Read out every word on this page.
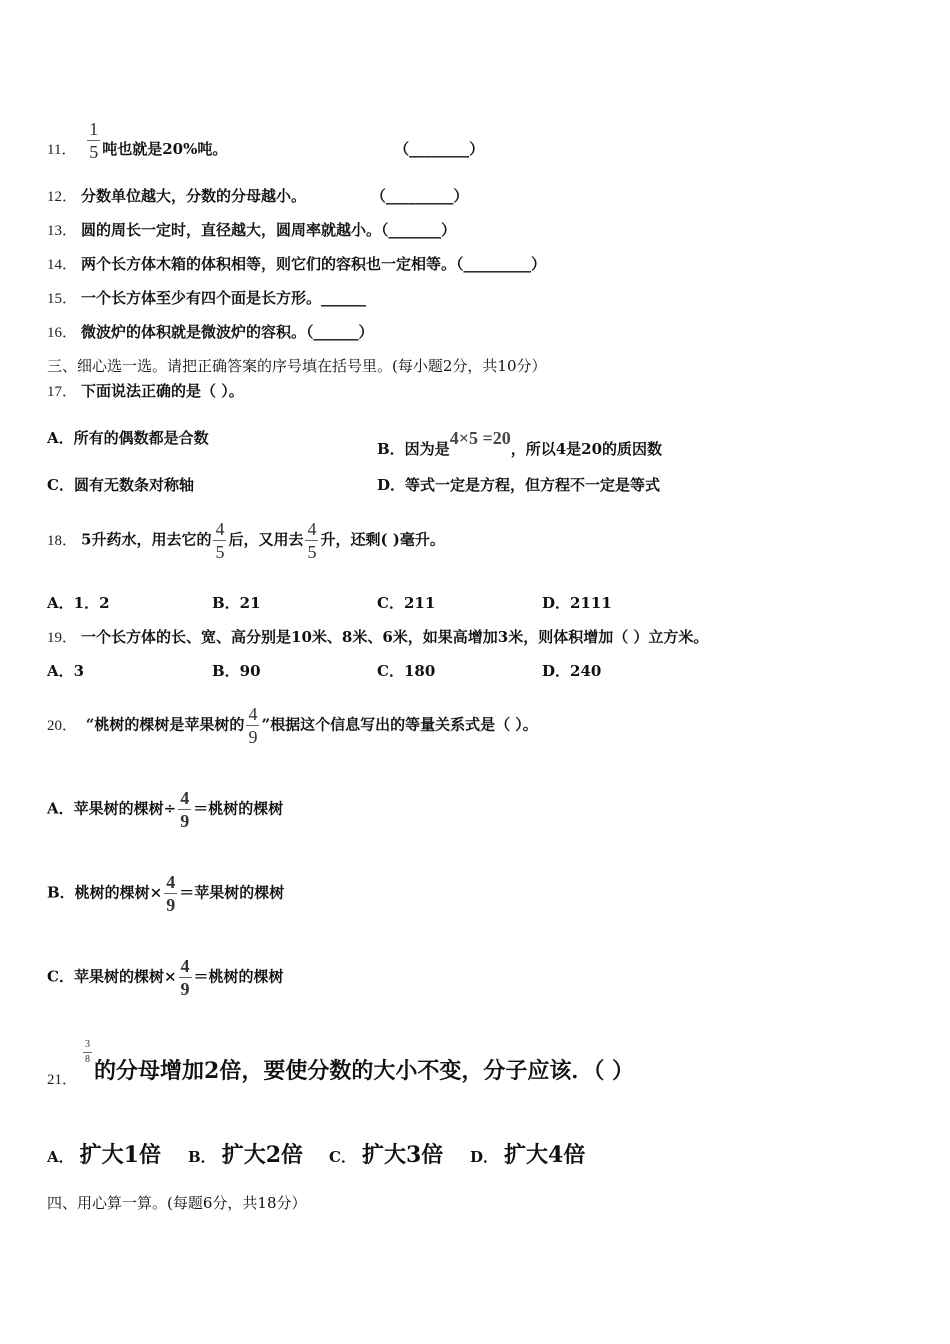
11． $\frac{1}{5}$ 吨也就是20%吨。	（________）
12． 分数单位越大，分数的分母越小。	（_________）
13． 圆的周长一定时，直径越大，圆周率就越小。（_______）
14． 两个长方体木箱的体积相等，则它们的容积也一定相等。（_________）
15． 一个长方体至少有四个面是长方形。______
16． 微波炉的体积就是微波炉的容积。（______）
三、细心选一选。请把正确答案的序号填在括号里。(每小题2分，共10分）
17． 下面说法正确的是（ ）。
A．所有的偶数都是合数
B．因为是4×5 =20，所以4是20的质因数
C．圆有无数条对称轴	D．等式一定是方程，但方程不一定是等式
18． 5升药水，用去它的 $\frac{4}{5}$ 后，又用去 $\frac{4}{5}$ 升，还剩( )毫升。
A．1．2	B．21	C．211	D．2111
19． 一个长方体的长、宽、高分别是10米、8米、6米，如果高增加3米，则体积增加（ ）立方米。
A．3	B．90	C．180	D．240
20． “桃树的棵树是苹果树的 $\frac{4}{9}$ ”根据这个信息写出的等量关系式是（ ）。
A．苹果树的棵树÷ $\frac{4}{9}$ ＝桃树的棵树
B．桃树的棵树× $\frac{4}{9}$ ＝苹果树的棵树
C．苹果树的棵树× $\frac{4}{9}$ ＝桃树的棵树
21．
$\frac{3}{8}$
的分母增加2倍，要使分数的大小不变，分子应该．（ ）
A． 扩大1倍 B． 扩大2倍 C． 扩大3倍 D． 扩大4倍
四、用心算一算。(每题6分，共18分）
